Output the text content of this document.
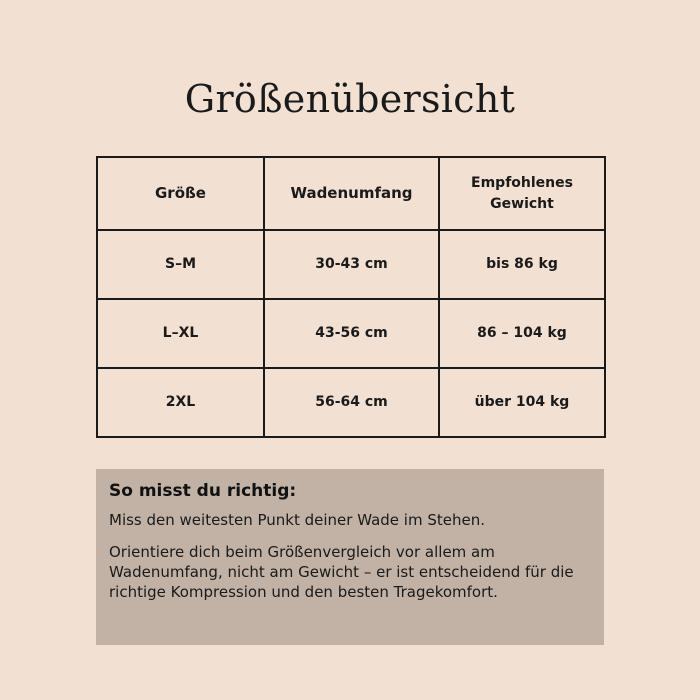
Größenübersicht
Größe	Wadenumfang	Empfohlenes Gewicht
S–M	30-43 cm	bis 86 kg
L–XL	43-56 cm	86 – 104 kg
2XL	56-64 cm	über 104 kg
So misst du richtig:

Miss den weitesten Punkt deiner Wade im Stehen.

Orientiere dich beim Größenvergleich vor allem am Wadenumfang, nicht am Gewicht – er ist entscheidend für die richtige Kompression und den besten Tragekomfort.
